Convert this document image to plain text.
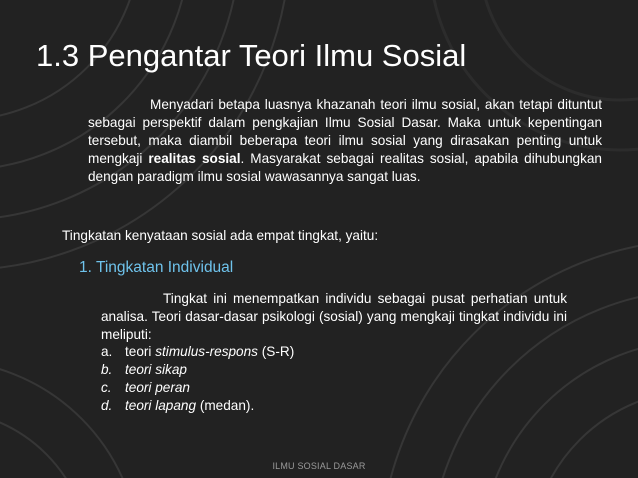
1.3 Pengantar Teori Ilmu Sosial

Menyadari betapa luasnya khazanah teori ilmu sosial, akan tetapi dituntut sebagai perspektif dalam pengkajian Ilmu Sosial Dasar. Maka untuk kepentingan tersebut, maka diambil beberapa teori ilmu sosial yang dirasakan penting untuk mengkaji realitas sosial. Masyarakat sebagai realitas sosial, apabila dihubungkan dengan paradigm ilmu sosial wawasannya sangat luas.

Tingkatan kenyataan sosial ada empat tingkat, yaitu:

1. Tingkatan Individual

Tingkat ini menempatkan individu sebagai pusat perhatian untuk analisa. Teori dasar-dasar psikologi (sosial) yang mengkaji tingkat individu ini meliputi:

a. teori stimulus-respons (S-R)
b. teori sikap
c. teori peran
d. teori lapang (medan).
ILMU SOSIAL DASAR
